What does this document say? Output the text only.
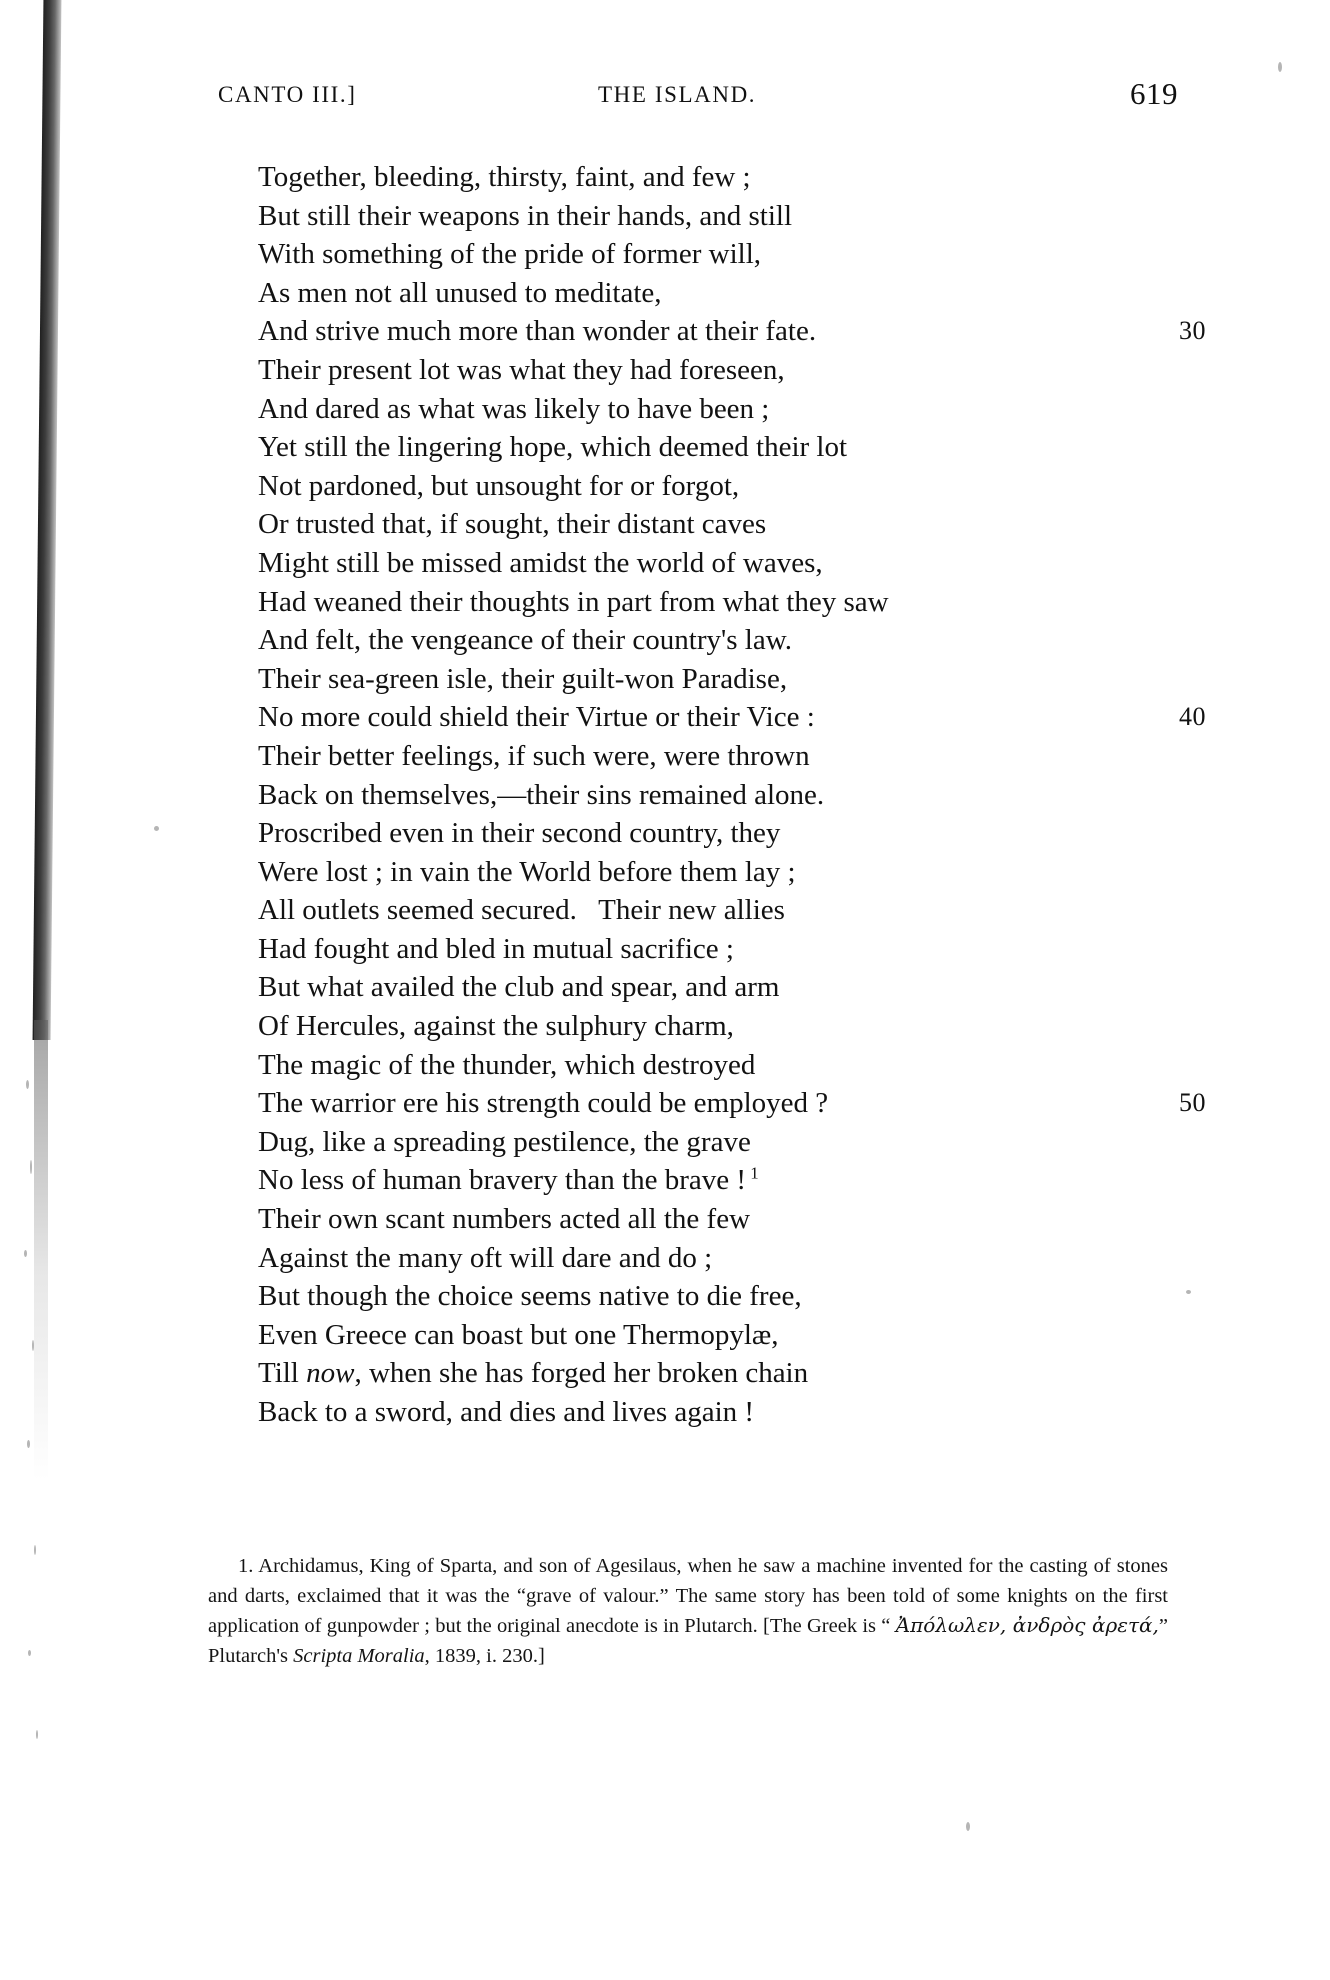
CANTO III.]	THE ISLAND.	619
Together, bleeding, thirsty, faint, and few ;
But still their weapons in their hands, and still
With something of the pride of former will,
As men not all unused to meditate,
And strive much more than wonder at their fate.	30
Their present lot was what they had foreseen,
And dared as what was likely to have been ;
Yet still the lingering hope, which deemed their lot
Not pardoned, but unsought for or forgot,
Or trusted that, if sought, their distant caves
Might still be missed amidst the world of waves,
Had weaned their thoughts in part from what they saw
And felt, the vengeance of their country's law.
Their sea-green isle, their guilt-won Paradise,
No more could shield their Virtue or their Vice :	40
Their better feelings, if such were, were thrown
Back on themselves,—their sins remained alone.
Proscribed even in their second country, they
Were lost ; in vain the World before them lay ;
All outlets seemed secured.   Their new allies
Had fought and bled in mutual sacrifice ;
But what availed the club and spear, and arm
Of Hercules, against the sulphury charm,
The magic of the thunder, which destroyed
The warrior ere his strength could be employed ?	50
Dug, like a spreading pestilence, the grave
No less of human bravery than the brave ! $^1$
Their own scant numbers acted all the few
Against the many oft will dare and do ;
But though the choice seems native to die free,
Even Greece can boast but one Thermopylæ,
Till now, when she has forged her broken chain
Back to a sword, and dies and lives again !

1. Archidamus, King of Sparta, and son of Agesilaus, when he saw a machine invented for the casting of stones and darts, exclaimed that it was the “grave of valour.” The same story has been told of some knights on the first application of gunpowder ; but the original anecdote is in Plutarch. [The Greek is “ Ἀπόλωλεν, ἀνδρὸς ἀρετά,” Plutarch's Scripta Moralia, 1839, i. 230.]
